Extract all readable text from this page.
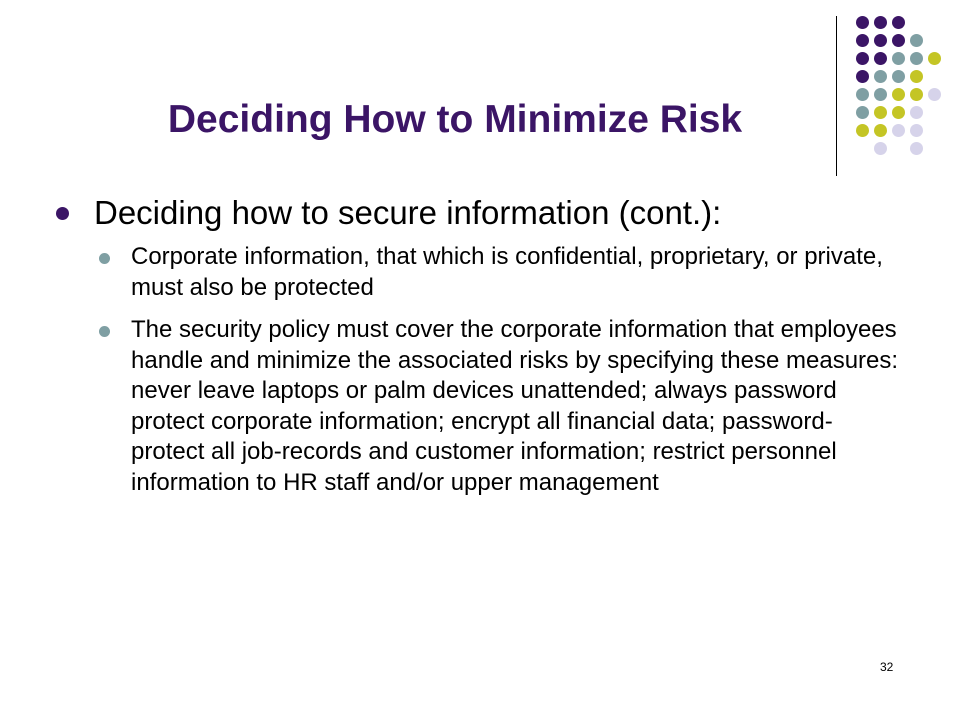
Deciding How to Minimize Risk
Deciding how to secure information (cont.):
Corporate information, that which is confidential, proprietary, or private, must also be protected
The security policy must cover the corporate information that employees handle and minimize the associated risks by specifying these measures: never leave laptops or palm devices unattended; always password protect corporate information; encrypt all financial data; password-protect all job-records and customer information; restrict personnel information to HR staff and/or upper management
32
